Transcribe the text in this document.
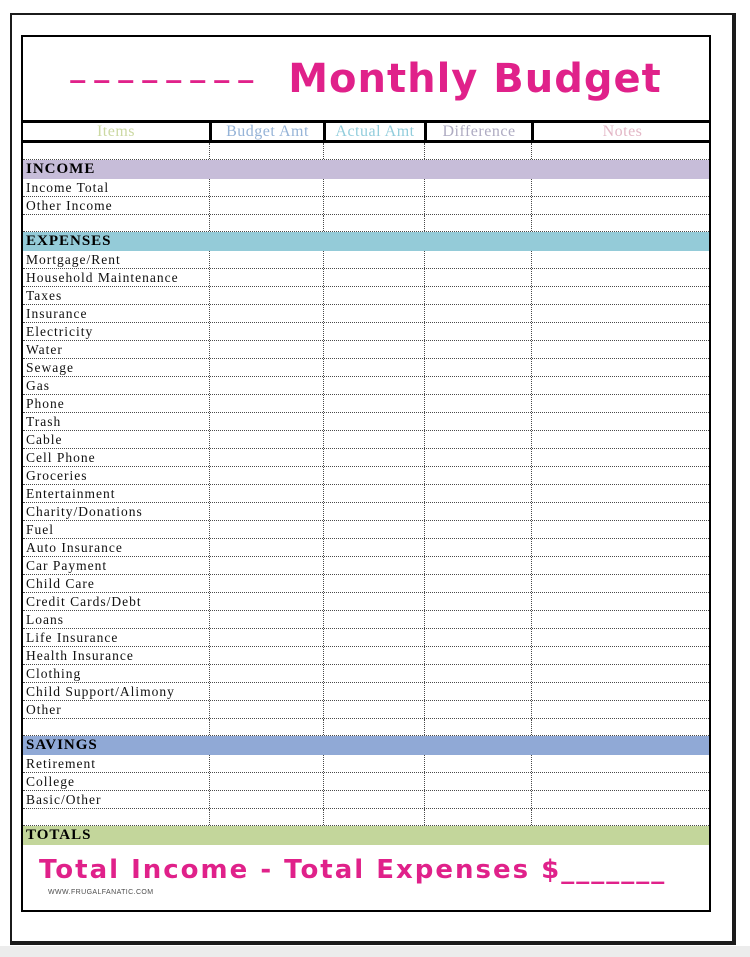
________ Monthly Budget
Items	Budget Amt	Actual Amt	Difference	Notes
INCOME
Income Total
Other Income
EXPENSES
Mortgage/Rent
Household Maintenance
Taxes
Insurance
Electricity
Water
Sewage
Gas
Phone
Trash
Cable
Cell Phone
Groceries
Entertainment
Charity/Donations
Fuel
Auto Insurance
Car Payment
Child Care
Credit Cards/Debt
Loans
Life Insurance
Health Insurance
Clothing
Child Support/Alimony
Other
SAVINGS
Retirement
College
Basic/Other
TOTALS
Total Income - Total Expenses $_______
WWW.FRUGALFANATIC.COM
